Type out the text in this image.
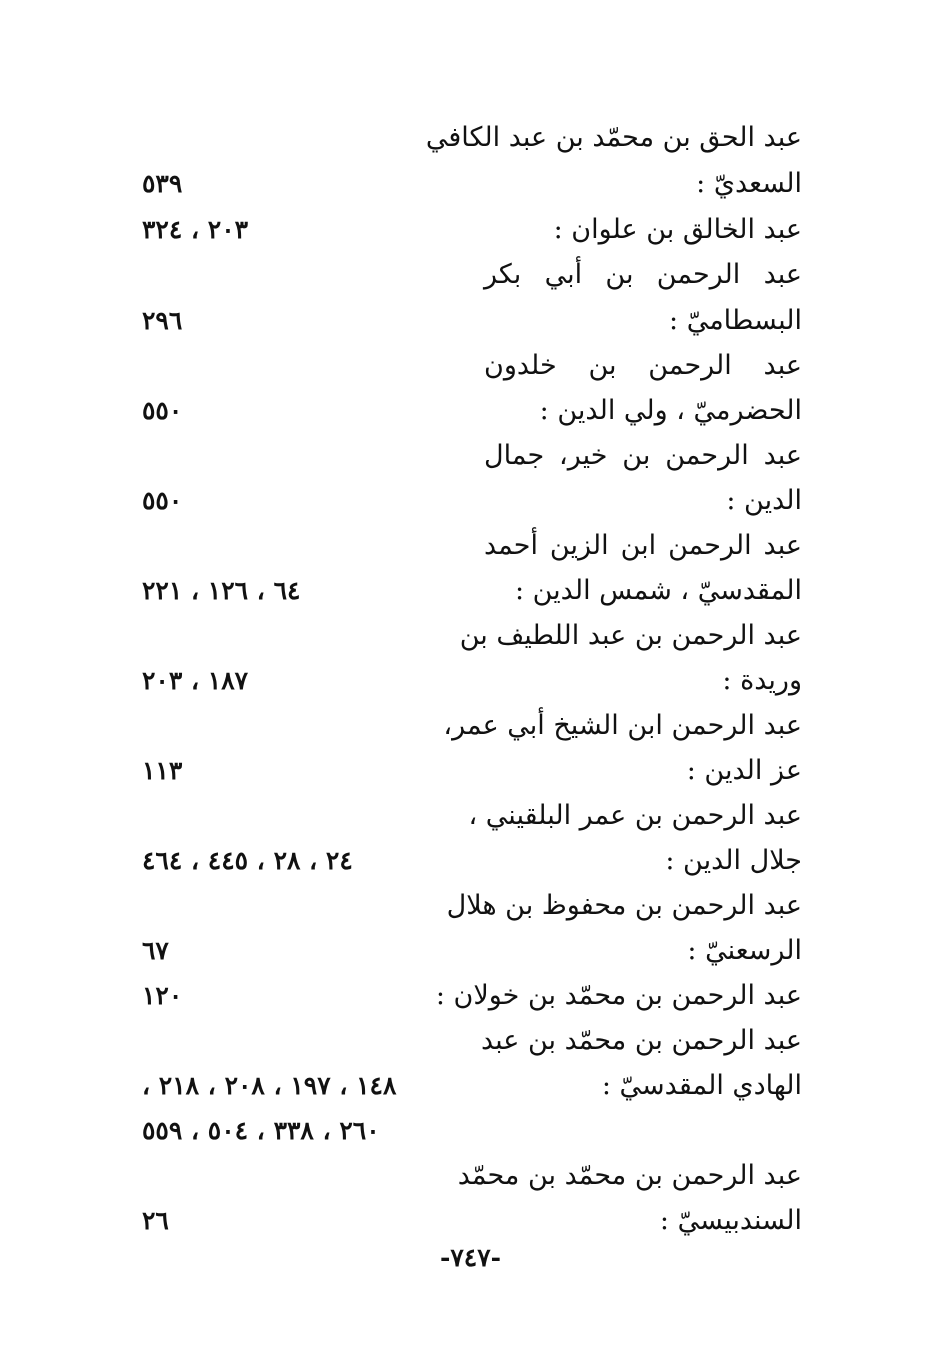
عبد الحق بن محمّد بن عبد الكافي
السعديّ :
٥٣٩
عبد الخالق بن علوان :
٢٠٣ ، ٣٢٤
عبد الرحمن بن أبي بكر
البسطاميّ :
٢٩٦
عبد الرحمن بن خلدون
الحضرميّ ، ولي الدين :
٥٥٠
عبد الرحمن بن خير، جمال
الدين :
٥٥٠
عبد الرحمن ابن الزين أحمد
المقدسيّ ، شمس الدين :
٦٤ ، ١٢٦ ، ٢٢١
عبد الرحمن بن عبد اللطيف بن
وريدة :
١٨٧ ، ٢٠٣
عبد الرحمن ابن الشيخ أبي عمر،
عز الدين :
١١٣
عبد الرحمن بن عمر البلقيني ،
جلال الدين :
٢٤ ، ٢٨ ، ٤٤٥ ، ٤٦٤
عبد الرحمن بن محفوظ بن هلال
الرسعنيّ :
٦٧
عبد الرحمن بن محمّد بن خولان :
١٢٠
عبد الرحمن بن محمّد بن عبد
الهادي المقدسيّ :
١٤٨ ، ١٩٧ ، ٢٠٨ ، ٢١٨ ،
٢٦٠ ، ٣٣٨ ، ٥٠٤ ، ٥٥٩
عبد الرحمن بن محمّد بن محمّد
السندبيسيّ :
٢٦
-٧٤٧-
